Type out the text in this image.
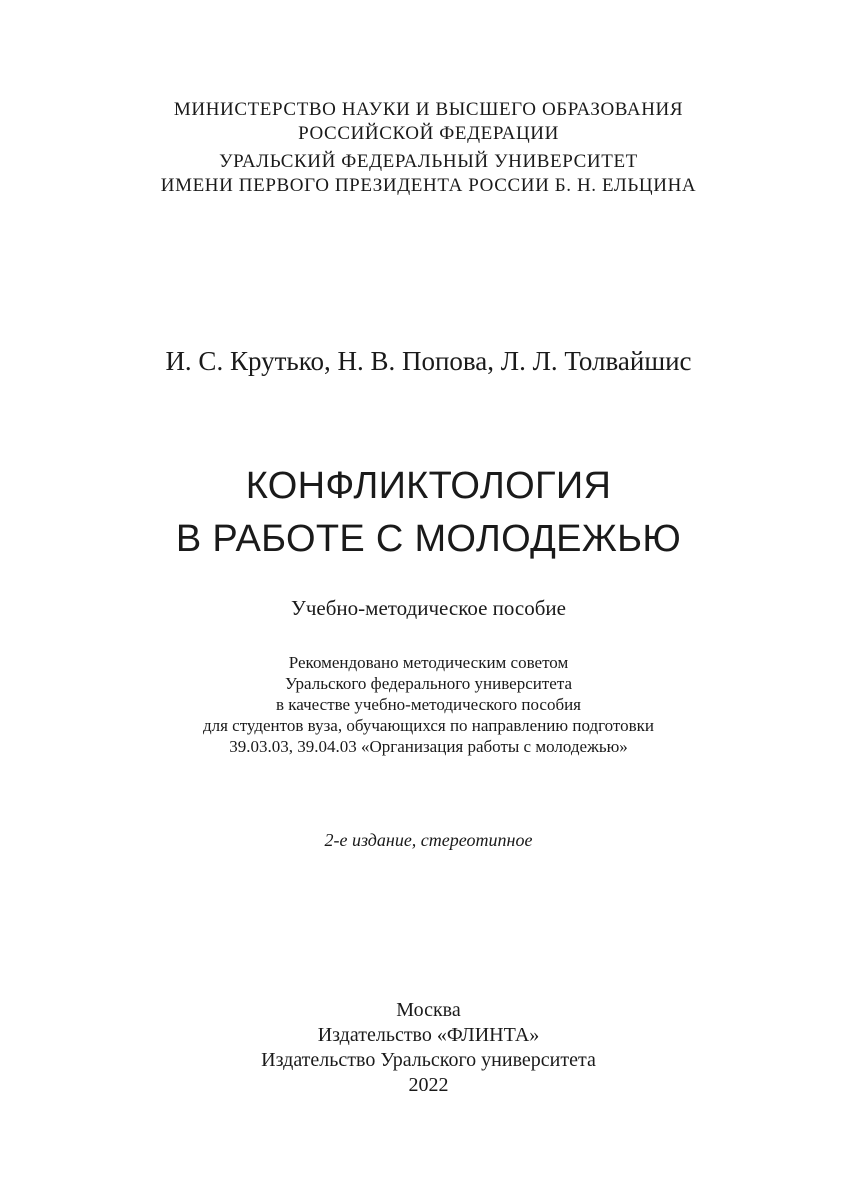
МИНИСТЕРСТВО НАУКИ И ВЫСШЕГО ОБРАЗОВАНИЯ
РОССИЙСКОЙ ФЕДЕРАЦИИ
УРАЛЬСКИЙ ФЕДЕРАЛЬНЫЙ УНИВЕРСИТЕТ
ИМЕНИ ПЕРВОГО ПРЕЗИДЕНТА РОССИИ Б. Н. ЕЛЬЦИНА
И. С. Крутько, Н. В. Попова, Л. Л. Толвайшис
КОНФЛИКТОЛОГИЯ
В РАБОТЕ С МОЛОДЕЖЬЮ
Учебно-методическое пособие
Рекомендовано методическим советом
Уральского федерального университета
в качестве учебно-методического пособия
для студентов вуза, обучающихся по направлению подготовки
39.03.03, 39.04.03 «Организация работы с молодежью»
2-е издание, стереотипное
Москва
Издательство «ФЛИНТА»
Издательство Уральского университета
2022
